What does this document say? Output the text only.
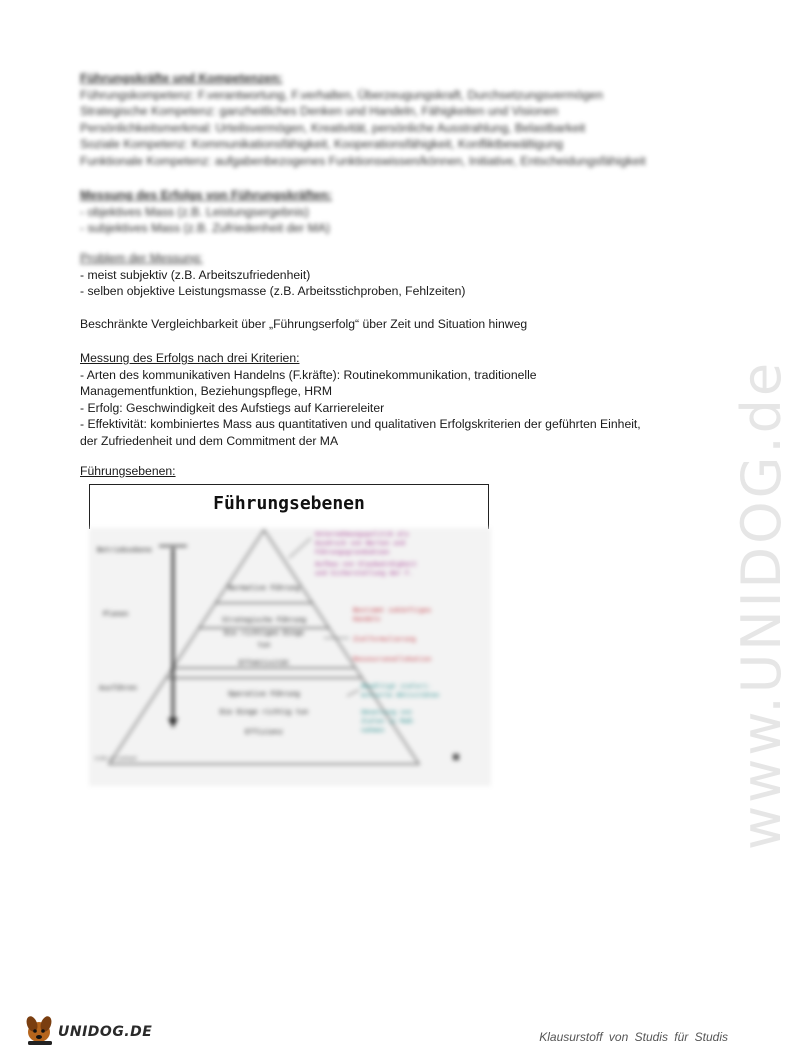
www.UNIDOG.de
Führungskräfte und Kompetenzen:
Führungskompetenz: F.verantwortung, F.verhalten, Überzeugungskraft, Durchsetzungsvermögen
Strategische Kompetenz: ganzheitliches Denken und Handeln, Fähigkeiten und Visionen
Persönlichkeitsmerkmal: Urteilsvermögen, Kreativität, persönliche Ausstrahlung, Belastbarkeit
Soziale Kompetenz: Kommunikationsfähigkeit, Kooperationsfähigkeit, Konfliktbewältigung
Funktionale Kompetenz: aufgabenbezogenes Funktionswissen/können, Initiative, Entscheidungsfähigkeit
Messung des Erfolgs von Führungskräften:
- objektives Mass (z.B. Leistungsergebnis)
- subjektives Mass (z.B. Zufriedenheit der MA)
Problem der Messung:
- meist subjektiv (z.B. Arbeitszufriedenheit)
- selben objektive Leistungsmasse (z.B. Arbeitsstichproben, Fehlzeiten)
Beschränkte Vergleichbarkeit über „Führungserfolg“ über Zeit und Situation hinweg
Messung des Erfolgs nach drei Kriterien:
- Arten des kommunikativen Handelns (F.kräfte): Routinekommunikation, traditionelle
Managementfunktion, Beziehungspflege, HRM
- Erfolg: Geschwindigkeit des Aufstiegs auf Karriereleiter
- Effektivität: kombiniertes Mass aus quantitativen und qualitativen Erfolgskriterien der geführten Einheit,
der Zufriedenheit und dem Commitment der MA
Führungsebenen:
Führungsebenen
Betriebsebene
Planen
Ausführen
Normative Führung
Strategische Führung
Die richtigen Dinge
tun
Effektivität
Operative Führung
Die Dinge richtig tun
Effizienz
Unternehmungspolitik als
Ausdruck von Werten und
Führungsgrundsätzen
Aufbau von Glaubwürdigkeit
und Sicherstellung der F.
Bestimmt zukünftiges
Handeln
Zielformulierung
Ressourcenallokation
Bewältigt zielori-
entierte Aktivitäten
Umsetzung von
Zielen in Maß-
nahmen
in Anl. an Lienhard
UNIDOG.DE	Klausurstoff von Studis für Studis
